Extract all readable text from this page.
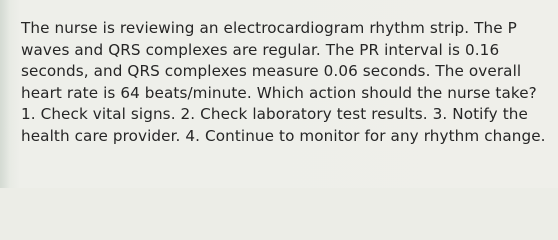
The nurse is reviewing an electrocardiogram rhythm strip. The P waves and QRS complexes are regular. The PR interval is 0.16 seconds, and QRS complexes measure 0.06 seconds. The overall heart rate is 64 beats/minute. Which action should the nurse take? 1. Check vital signs. 2. Check laboratory test results. 3. Notify the health care provider. 4. Continue to monitor for any rhythm change.
